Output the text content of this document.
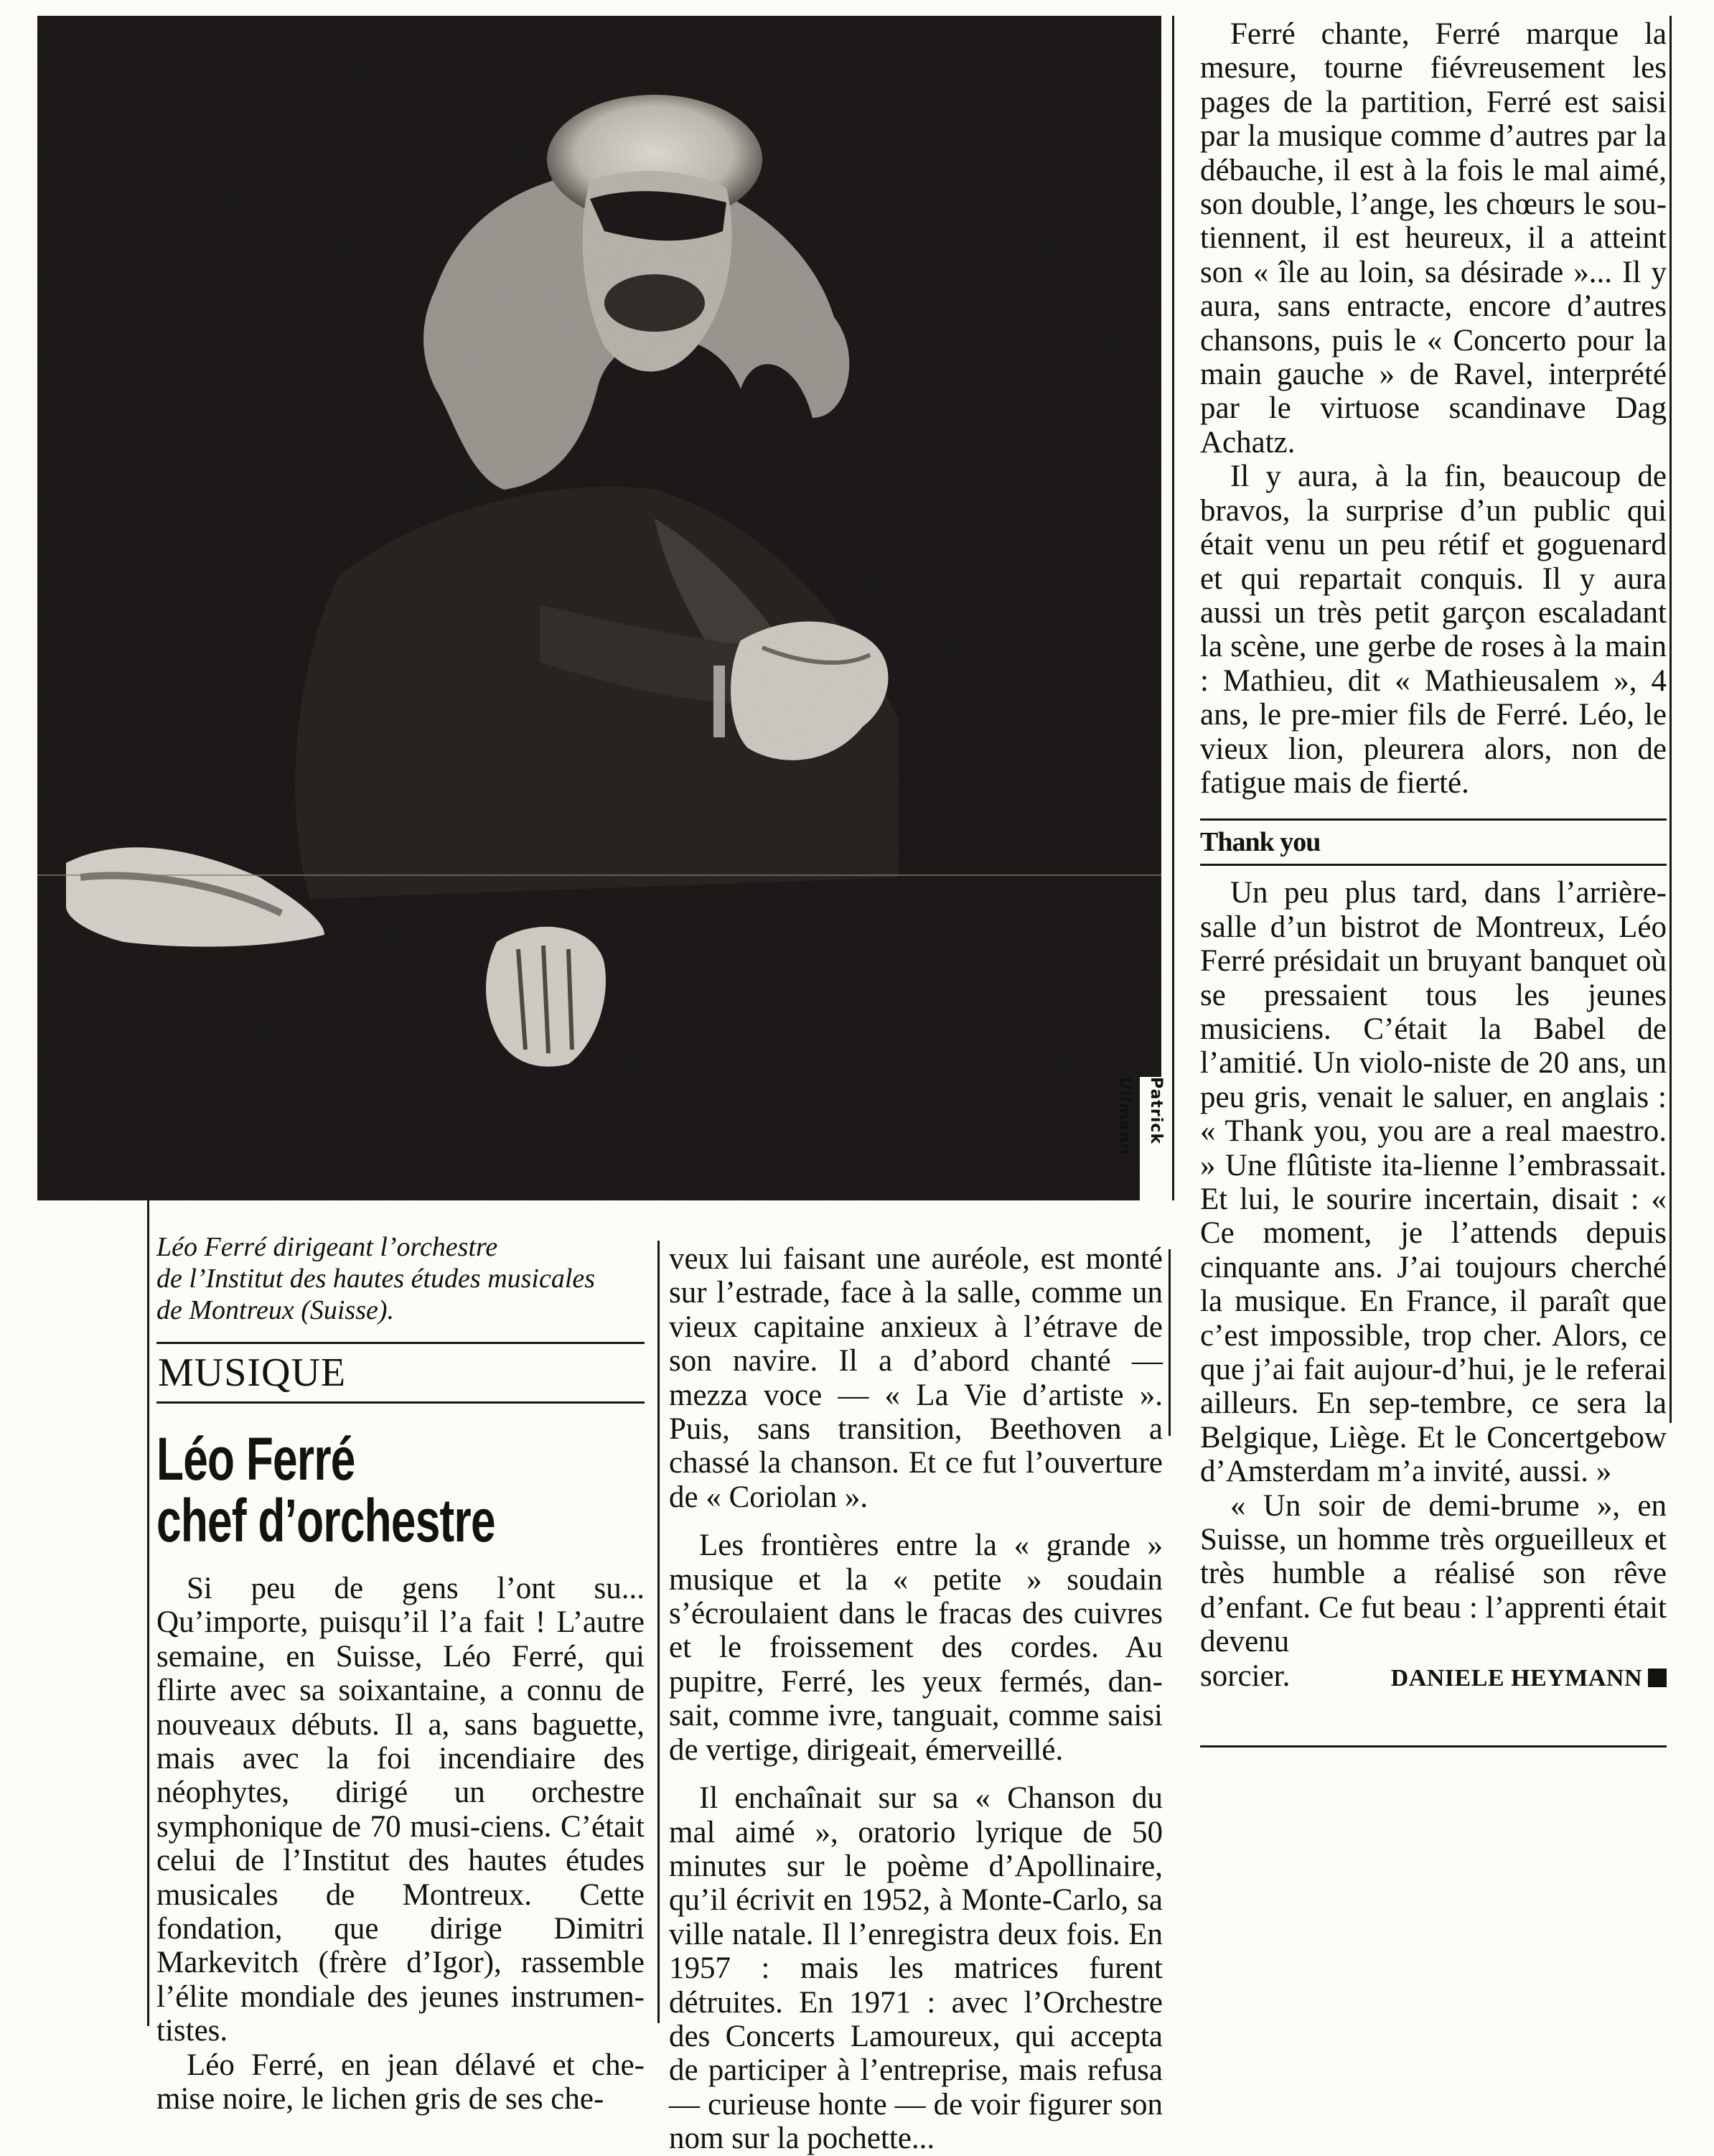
Patrick Ullmann

Ferré chante, Ferré marque la mesure, tourne fiévreusement les pages de la partition, Ferré est saisi par la musique comme d’autres par la débauche, il est à la fois le mal aimé, son double, l’ange, les chœurs le sou-tiennent, il est heureux, il a atteint son « île au loin, sa désirade »... Il y aura, sans entracte, encore d’autres chansons, puis le « Concerto pour la main gauche » de Ravel, interprété par le virtuose scandinave Dag Achatz.

Il y aura, à la fin, beaucoup de bravos, la surprise d’un public qui était venu un peu rétif et goguenard et qui repartait conquis. Il y aura aussi un très petit garçon escaladant la scène, une gerbe de roses à la main : Mathieu, dit « Mathieusalem », 4 ans, le pre-mier fils de Ferré. Léo, le vieux lion, pleurera alors, non de fatigue mais de fierté.

Thank you

Un peu plus tard, dans l’arrière-salle d’un bistrot de Montreux, Léo Ferré présidait un bruyant banquet où se pressaient tous les jeunes musiciens. C’était la Babel de l’amitié. Un violo-niste de 20 ans, un peu gris, venait le saluer, en anglais : « Thank you, you are a real maestro. » Une flûtiste ita-lienne l’embrassait. Et lui, le sourire incertain, disait : « Ce moment, je l’attends depuis cinquante ans. J’ai toujours cherché la musique. En France, il paraît que c’est impossible, trop cher. Alors, ce que j’ai fait aujour-d’hui, je le referai ailleurs. En sep-tembre, ce sera la Belgique, Liège. Et le Concertgebow d’Amsterdam m’a invité, aussi. »

« Un soir de demi-brume », en Suisse, un homme très orgueilleux et très humble a réalisé son rêve d’enfant. Ce fut beau : l’apprenti était devenu

sorcier.	DANIELE HEYMANN

Léo Ferré dirigeant l’orchestre
de l’Institut des hautes études musicales
de Montreux (Suisse).
MUSIQUE
Léo Ferré
chef d’orchestre

Si peu de gens l’ont su... Qu’importe, puisqu’il l’a fait ! L’autre semaine, en Suisse, Léo Ferré, qui flirte avec sa soixantaine, a connu de nouveaux débuts. Il a, sans baguette, mais avec la foi incendiaire des néophytes, dirigé un orchestre symphonique de 70 musi-ciens. C’était celui de l’Institut des hautes études musicales de Montreux. Cette fondation, que dirige Dimitri Markevitch (frère d’Igor), rassemble l’élite mondiale des jeunes instrumen-tistes.

Léo Ferré, en jean délavé et che-mise noire, le lichen gris de ses che-

veux lui faisant une auréole, est monté sur l’estrade, face à la salle, comme un vieux capitaine anxieux à l’étrave de son navire. Il a d’abord chanté — mezza voce — « La Vie d’artiste ». Puis, sans transition, Beethoven a chassé la chanson. Et ce fut l’ouverture de « Coriolan ».

Les frontières entre la « grande » musique et la « petite » soudain s’écroulaient dans le fracas des cuivres et le froissement des cordes. Au pupitre, Ferré, les yeux fermés, dan-sait, comme ivre, tanguait, comme saisi de vertige, dirigeait, émerveillé.

Il enchaînait sur sa « Chanson du mal aimé », oratorio lyrique de 50 minutes sur le poème d’Apollinaire, qu’il écrivit en 1952, à Monte-Carlo, sa ville natale. Il l’enregistra deux fois. En 1957 : mais les matrices furent détruites. En 1971 : avec l’Orchestre des Concerts Lamoureux, qui accepta de participer à l’entreprise, mais refusa — curieuse honte — de voir figurer son nom sur la pochette...
